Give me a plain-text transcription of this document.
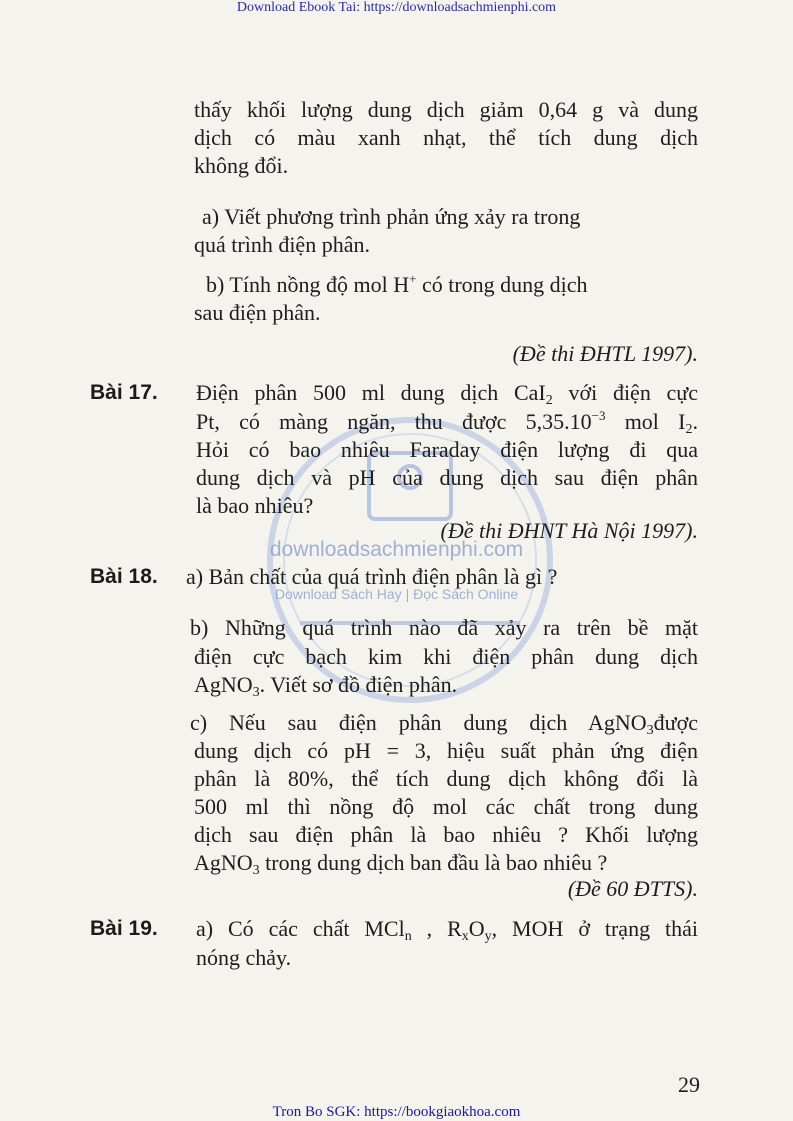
Download Ebook Tai: https://downloadsachmienphi.com
downloadsachmienphi.com
Download Sách Hay | Đọc Sách Online
thấy khối lượng dung dịch giảm 0,64 g và dung
dịch có màu xanh nhạt, thể tích dung dịch
không đổi.
a) Viết phương trình phản ứng xảy ra trong
quá trình điện phân.
b) Tính nồng độ mol H+ có trong dung dịch
sau điện phân.
(Đề thi ĐHTL 1997).
Bài 17. Điện phân 500 ml dung dịch CaI$_2$ với điện cực
Pt, có màng ngăn, thu được $5,35.10^{-3}$ mol $I_2$.
Hỏi có bao nhiêu Faraday điện lượng đi qua
dung dịch và pH của dung dịch sau điện phân
là bao nhiêu?
(Đề thi ĐHNT Hà Nội 1997).
Bài 18. a) Bản chất của quá trình điện phân là gì ?
b) Những quá trình nào đã xảy ra trên bề mặt
điện cực bạch kim khi điện phân dung dịch
AgNO$_3$. Viết sơ đồ điện phân.
c) Nếu sau điện phân dung dịch AgNO$_3$được
dung dịch có pH = 3, hiệu suất phản ứng điện
phân là 80%, thể tích dung dịch không đổi là
500 ml thì nồng độ mol các chất trong dung
dịch sau điện phân là bao nhiêu ? Khối lượng
AgNO$_3$ trong dung dịch ban đầu là bao nhiêu ?
(Đề 60 ĐTTS).
Bài 19. a) Có các chất MCl$_n$ , $R_xO_y$, MOH ở trạng thái
nóng chảy.
29
Tron Bo SGK: https://bookgiaokhoa.com
